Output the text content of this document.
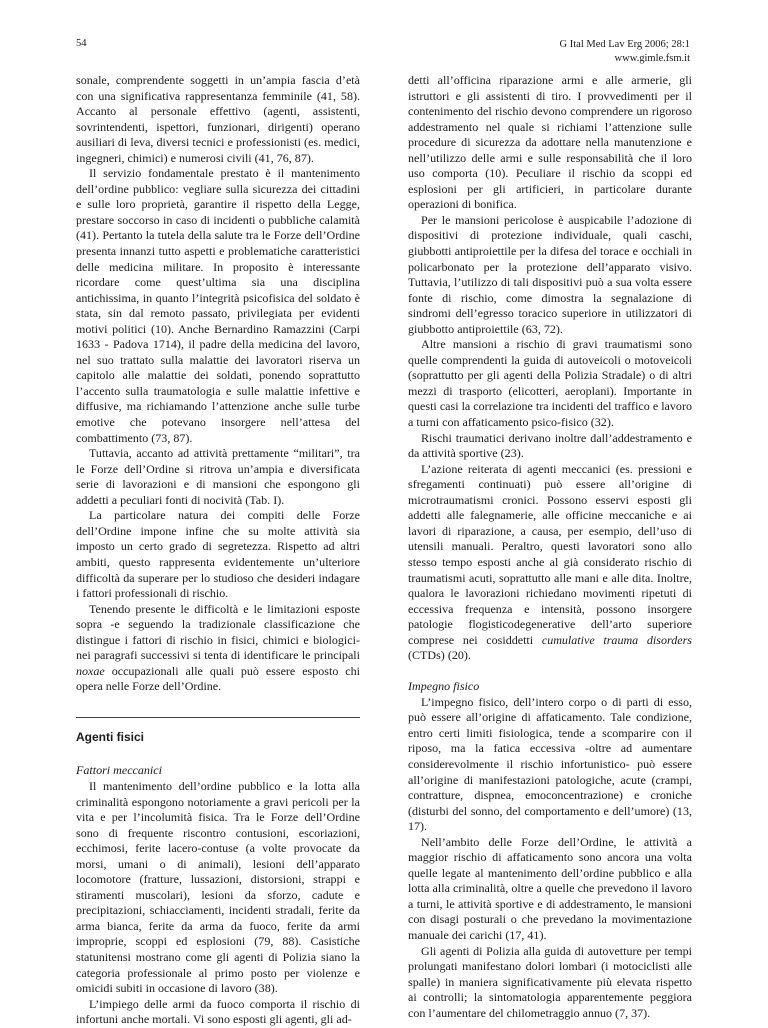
54	G Ital Med Lav Erg 2006; 28:1
www.gimle.fsm.it

sonale, comprendente soggetti in un’ampia fascia d’età con una significativa rappresentanza femminile (41, 58). Accanto al personale effettivo (agenti, assistenti, sovrintendenti, ispettori, funzionari, dirigenti) operano ausiliari di leva, diversi tecnici e professionisti (es. medici, ingegneri, chimici) e numerosi civili (41, 76, 87).

Il servizio fondamentale prestato è il mantenimento dell’ordine pubblico: vegliare sulla sicurezza dei cittadini e sulle loro proprietà, garantire il rispetto della Legge, prestare soccorso in caso di incidenti o pubbliche calamità (41). Pertanto la tutela della salute tra le Forze dell’Ordine presenta innanzi tutto aspetti e problematiche caratteristici delle medicina militare. In proposito è interessante ricordare come quest’ultima sia una disciplina antichissima, in quanto l’integrità psicofisica del soldato è stata, sin dal remoto passato, privilegiata per evidenti motivi politici (10). Anche Bernardino Ramazzini (Carpi 1633 - Padova 1714), il padre della medicina del lavoro, nel suo trattato sulla malattie dei lavoratori riserva un capitolo alle malattie dei soldati, ponendo soprattutto l’accento sulla traumatologia e sulle malattie infettive e diffusive, ma richiamando l’attenzione anche sulle turbe emotive che potevano insorgere nell’attesa del combattimento (73, 87).

Tuttavia, accanto ad attività prettamente “militari”, tra le Forze dell’Ordine si ritrova un’ampia e diversificata serie di lavorazioni e di mansioni che espongono gli addetti a peculiari fonti di nocività (Tab. I).

La particolare natura dei compiti delle Forze dell’Ordine impone infine che su molte attività sia imposto un certo grado di segretezza. Rispetto ad altri ambiti, questo rappresenta evidentemente un’ulteriore difficoltà da superare per lo studioso che desideri indagare i fattori professionali di rischio.

Tenendo presente le difficoltà e le limitazioni esposte sopra -e seguendo la tradizionale classificazione che distingue i fattori di rischio in fisici, chimici e biologici- nei paragrafi successivi si tenta di identificare le principali noxae occupazionali alle quali può essere esposto chi opera nelle Forze dell’Ordine.

Agenti fisici

Fattori meccanici

Il mantenimento dell’ordine pubblico e la lotta alla criminalità espongono notoriamente a gravi pericoli per la vita e per l’incolumità fisica. Tra le Forze dell’Ordine sono di frequente riscontro contusioni, escoriazioni, ecchimosi, ferite lacero-contuse (a volte provocate da morsi, umani o di animali), lesioni dell’apparato locomotore (fratture, lussazioni, distorsioni, strappi e stiramenti muscolari), lesioni da sforzo, cadute e precipitazioni, schiacciamenti, incidenti stradali, ferite da arma bianca, ferite da arma da fuoco, ferite da armi improprie, scoppi ed esplosioni (79, 88). Casistiche statunitensi mostrano come gli agenti di Polizia siano la categoria professionale al primo posto per violenze e omicidi subiti in occasione di lavoro (38).

L’impiego delle armi da fuoco comporta il rischio di infortuni anche mortali. Vi sono esposti gli agenti, gli ad-

detti all’officina riparazione armi e alle armerie, gli istruttori e gli assistenti di tiro. I provvedimenti per il contenimento del rischio devono comprendere un rigoroso addestramento nel quale si richiami l’attenzione sulle procedure di sicurezza da adottare nella manutenzione e nell’utilizzo delle armi e sulle responsabilità che il loro uso comporta (10). Peculiare il rischio da scoppi ed esplosioni per gli artificieri, in particolare durante operazioni di bonifica.

Per le mansioni pericolose è auspicabile l’adozione di dispositivi di protezione individuale, quali caschi, giubbotti antiproiettile per la difesa del torace e occhiali in policarbonato per la protezione dell’apparato visivo. Tuttavia, l’utilizzo di tali dispositivi può a sua volta essere fonte di rischio, come dimostra la segnalazione di sindromi dell’egresso toracico superiore in utilizzatori di giubbotto antiproiettile (63, 72).

Altre mansioni a rischio di gravi traumatismi sono quelle comprendenti la guida di autoveicoli o motoveicoli (soprattutto per gli agenti della Polizia Stradale) o di altri mezzi di trasporto (elicotteri, aeroplani). Importante in questi casi la correlazione tra incidenti del traffico e lavoro a turni con affaticamento psico-fisico (32).

Rischi traumatici derivano inoltre dall’addestramento e da attività sportive (23).

L’azione reiterata di agenti meccanici (es. pressioni e sfregamenti continuati) può essere all’origine di microtraumatismi cronici. Possono esservi esposti gli addetti alle falegnamerie, alle officine meccaniche e ai lavori di riparazione, a causa, per esempio, dell’uso di utensili manuali. Peraltro, questi lavoratori sono allo stesso tempo esposti anche al già considerato rischio di traumatismi acuti, soprattutto alle mani e alle dita. Inoltre, qualora le lavorazioni richiedano movimenti ripetuti di eccessiva frequenza e intensità, possono insorgere patologie flogisticodegenerative dell’arto superiore comprese nei cosiddetti cumulative trauma disorders (CTDs) (20).

Impegno fisico

L’impegno fisico, dell’intero corpo o di parti di esso, può essere all’origine di affaticamento. Tale condizione, entro certi limiti fisiologica, tende a scomparire con il riposo, ma la fatica eccessiva -oltre ad aumentare considerevolmente il rischio infortunistico- può essere all’origine di manifestazioni patologiche, acute (crampi, contratture, dispnea, emoconcentrazione) e croniche (disturbi del sonno, del comportamento e dell’umore) (13, 17).

Nell’ambito delle Forze dell’Ordine, le attività a maggior rischio di affaticamento sono ancora una volta quelle legate al mantenimento dell’ordine pubblico e alla lotta alla criminalità, oltre a quelle che prevedono il lavoro a turni, le attività sportive e di addestramento, le mansioni con disagi posturali o che prevedano la movimentazione manuale dei carichi (17, 41).

Gli agenti di Polizia alla guida di autovetture per tempi prolungati manifestano dolori lombari (i motociclisti alle spalle) in maniera significativamente più elevata rispetto ai controlli; la sintomatologia apparentemente peggiora con l’aumentare del chilometraggio annuo (7, 37).
